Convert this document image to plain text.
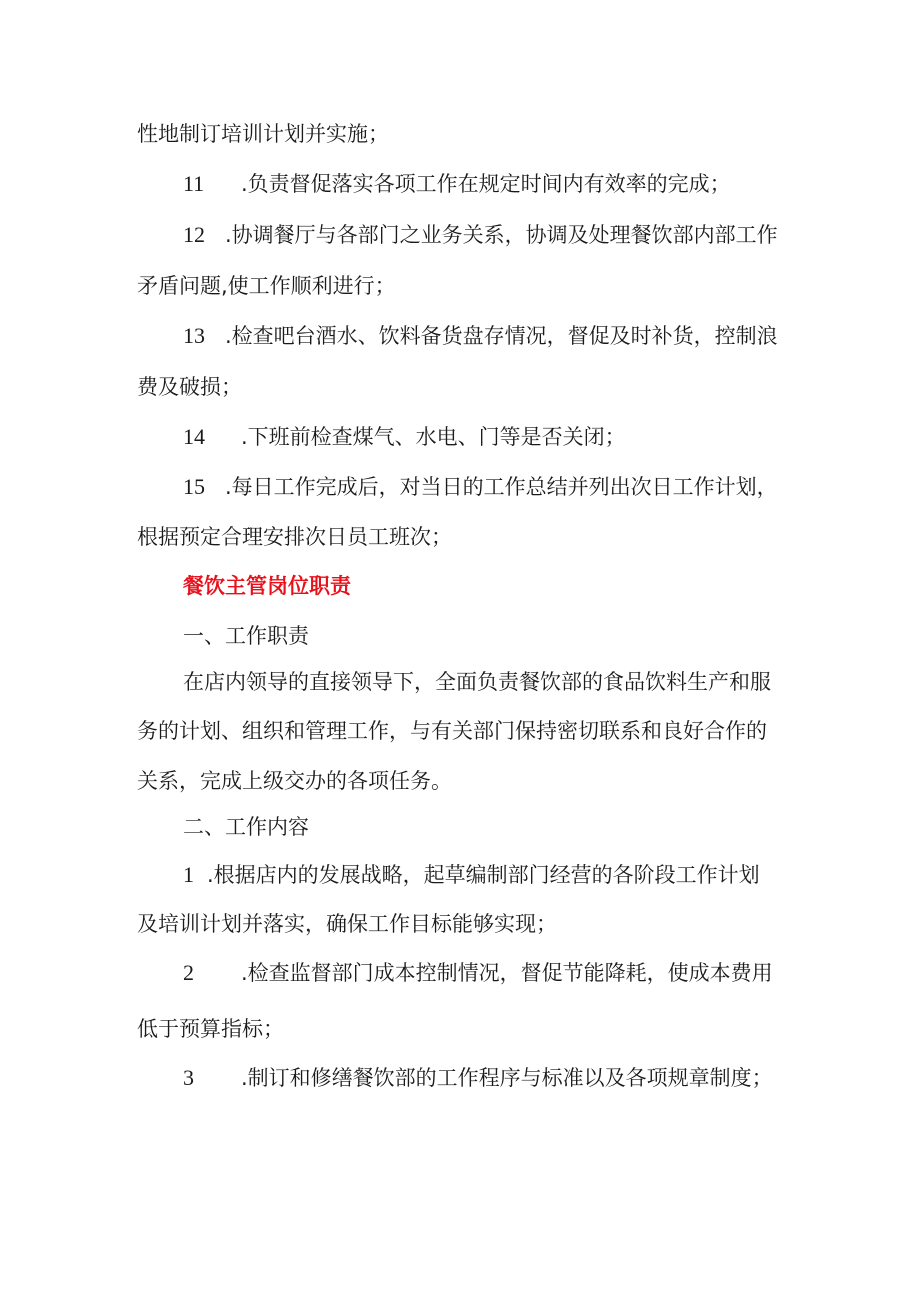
性地制订培训计划并实施；
11 .负责督促落实各项工作在规定时间内有效率的完成；
12 .协调餐厅与各部门之业务关系，协调及处理餐饮部内部工作
矛盾问题,使工作顺利进行；
13 .检查吧台酒水、饮料备货盘存情况，督促及时补货，控制浪
费及破损；
14 .下班前检查煤气、水电、门等是否关闭；
15 .每日工作完成后，对当日的工作总结并列出次日工作计划，
根据预定合理安排次日员工班次；
餐饮主管岗位职责
一、工作职责
在店内领导的直接领导下，全面负责餐饮部的食品饮料生产和服
务的计划、组织和管理工作，与有关部门保持密切联系和良好合作的
关系，完成上级交办的各项任务。
二、工作内容
1 .根据店内的发展战略，起草编制部门经营的各阶段工作计划
及培训计划并落实，确保工作目标能够实现；
2 .检查监督部门成本控制情况，督促节能降耗，使成本费用
低于预算指标；
3 .制订和修缮餐饮部的工作程序与标准以及各项规章制度；
